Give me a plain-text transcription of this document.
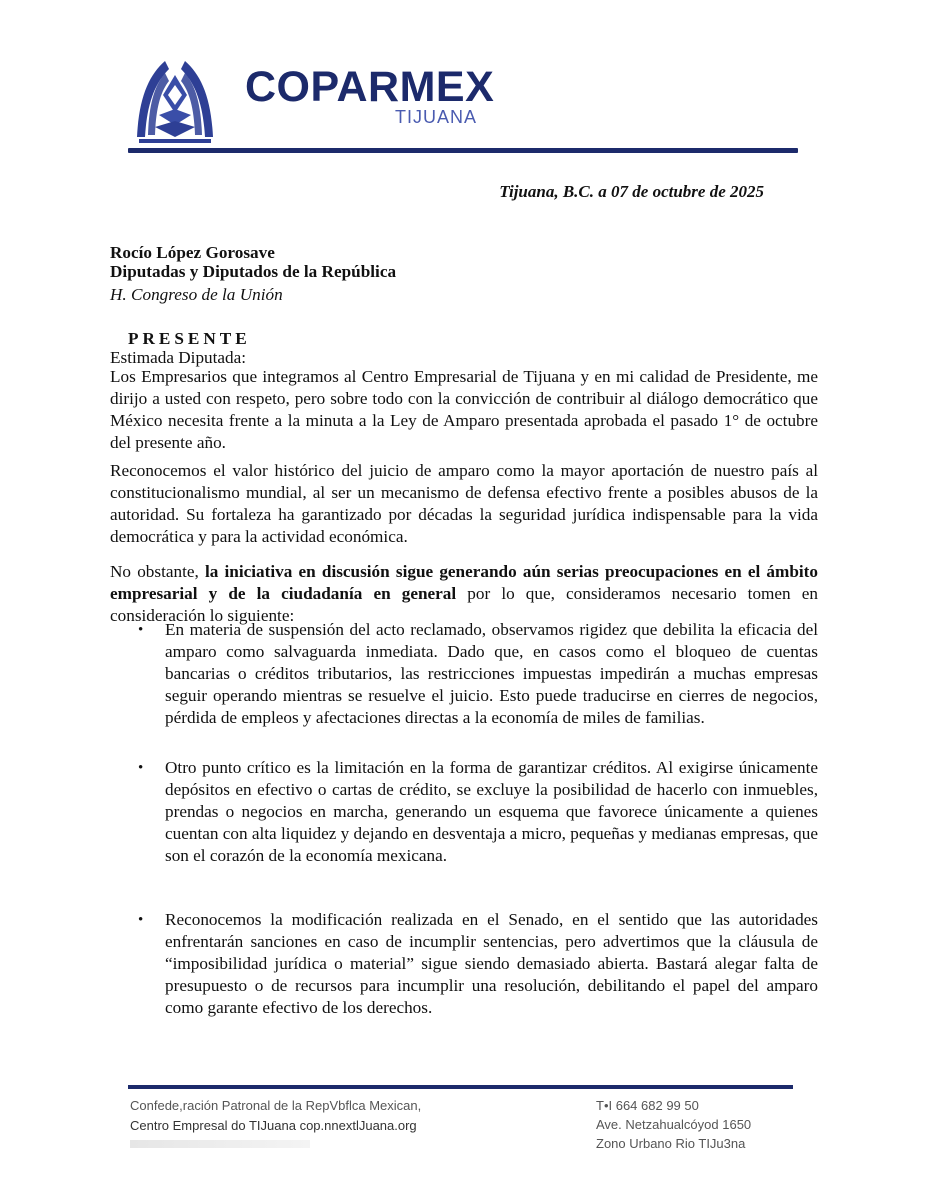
COPARMEX
TIJUANA
Tijuana, B.C. a 07 de octubre de 2025
Rocío López Gorosave
Diputadas y Diputados de la República
H. Congreso de la Unión
PRESENTE
Estimada Diputada:

Los Empresarios que integramos al Centro Empresarial de Tijuana y en mi calidad de Presidente, me dirijo a usted con respeto, pero sobre todo con la convicción de contribuir al diálogo democrático que México necesita frente a la minuta a la Ley de Amparo presentada aprobada el pasado 1° de octubre del presente año.

Reconocemos el valor histórico del juicio de amparo como la mayor aportación de nuestro país al constitucionalismo mundial, al ser un mecanismo de defensa efectivo frente a posibles abusos de la autoridad. Su fortaleza ha garantizado por décadas la seguridad jurídica indispensable para la vida democrática y para la actividad económica.

No obstante, la iniciativa en discusión sigue generando aún serias preocupaciones en el ámbito empresarial y de la ciudadanía en general por lo que, consideramos necesario tomen en consideración lo siguiente:

• En materia de suspensión del acto reclamado, observamos rigidez que debilita la eficacia del amparo como salvaguarda inmediata. Dado que, en casos como el bloqueo de cuentas bancarias o créditos tributarios, las restricciones impuestas impedirán a muchas empresas seguir operando mientras se resuelve el juicio. Esto puede traducirse en cierres de negocios, pérdida de empleos y afectaciones directas a la economía de miles de familias.
• Otro punto crítico es la limitación en la forma de garantizar créditos. Al exigirse únicamente depósitos en efectivo o cartas de crédito, se excluye la posibilidad de hacerlo con inmuebles, prendas o negocios en marcha, generando un esquema que favorece únicamente a quienes cuentan con alta liquidez y dejando en desventaja a micro, pequeñas y medianas empresas, que son el corazón de la economía mexicana.
• Reconocemos la modificación realizada en el Senado, en el sentido que las autoridades enfrentarán sanciones en caso de incumplir sentencias, pero advertimos que la cláusula de “imposibilidad jurídica o material” sigue siendo demasiado abierta. Bastará alegar falta de presupuesto o de recursos para incumplir una resolución, debilitando el papel del amparo como garante efectivo de los derechos.
Confede,ración Patronal de la RepVbflca Mexican,
Centro Empresal do TIJuana cop.nnextlJuana.org
T•I 664 682 99 50
Ave. Netzahualcóyod 1650
Zono Urbano Rio TIJu3na
